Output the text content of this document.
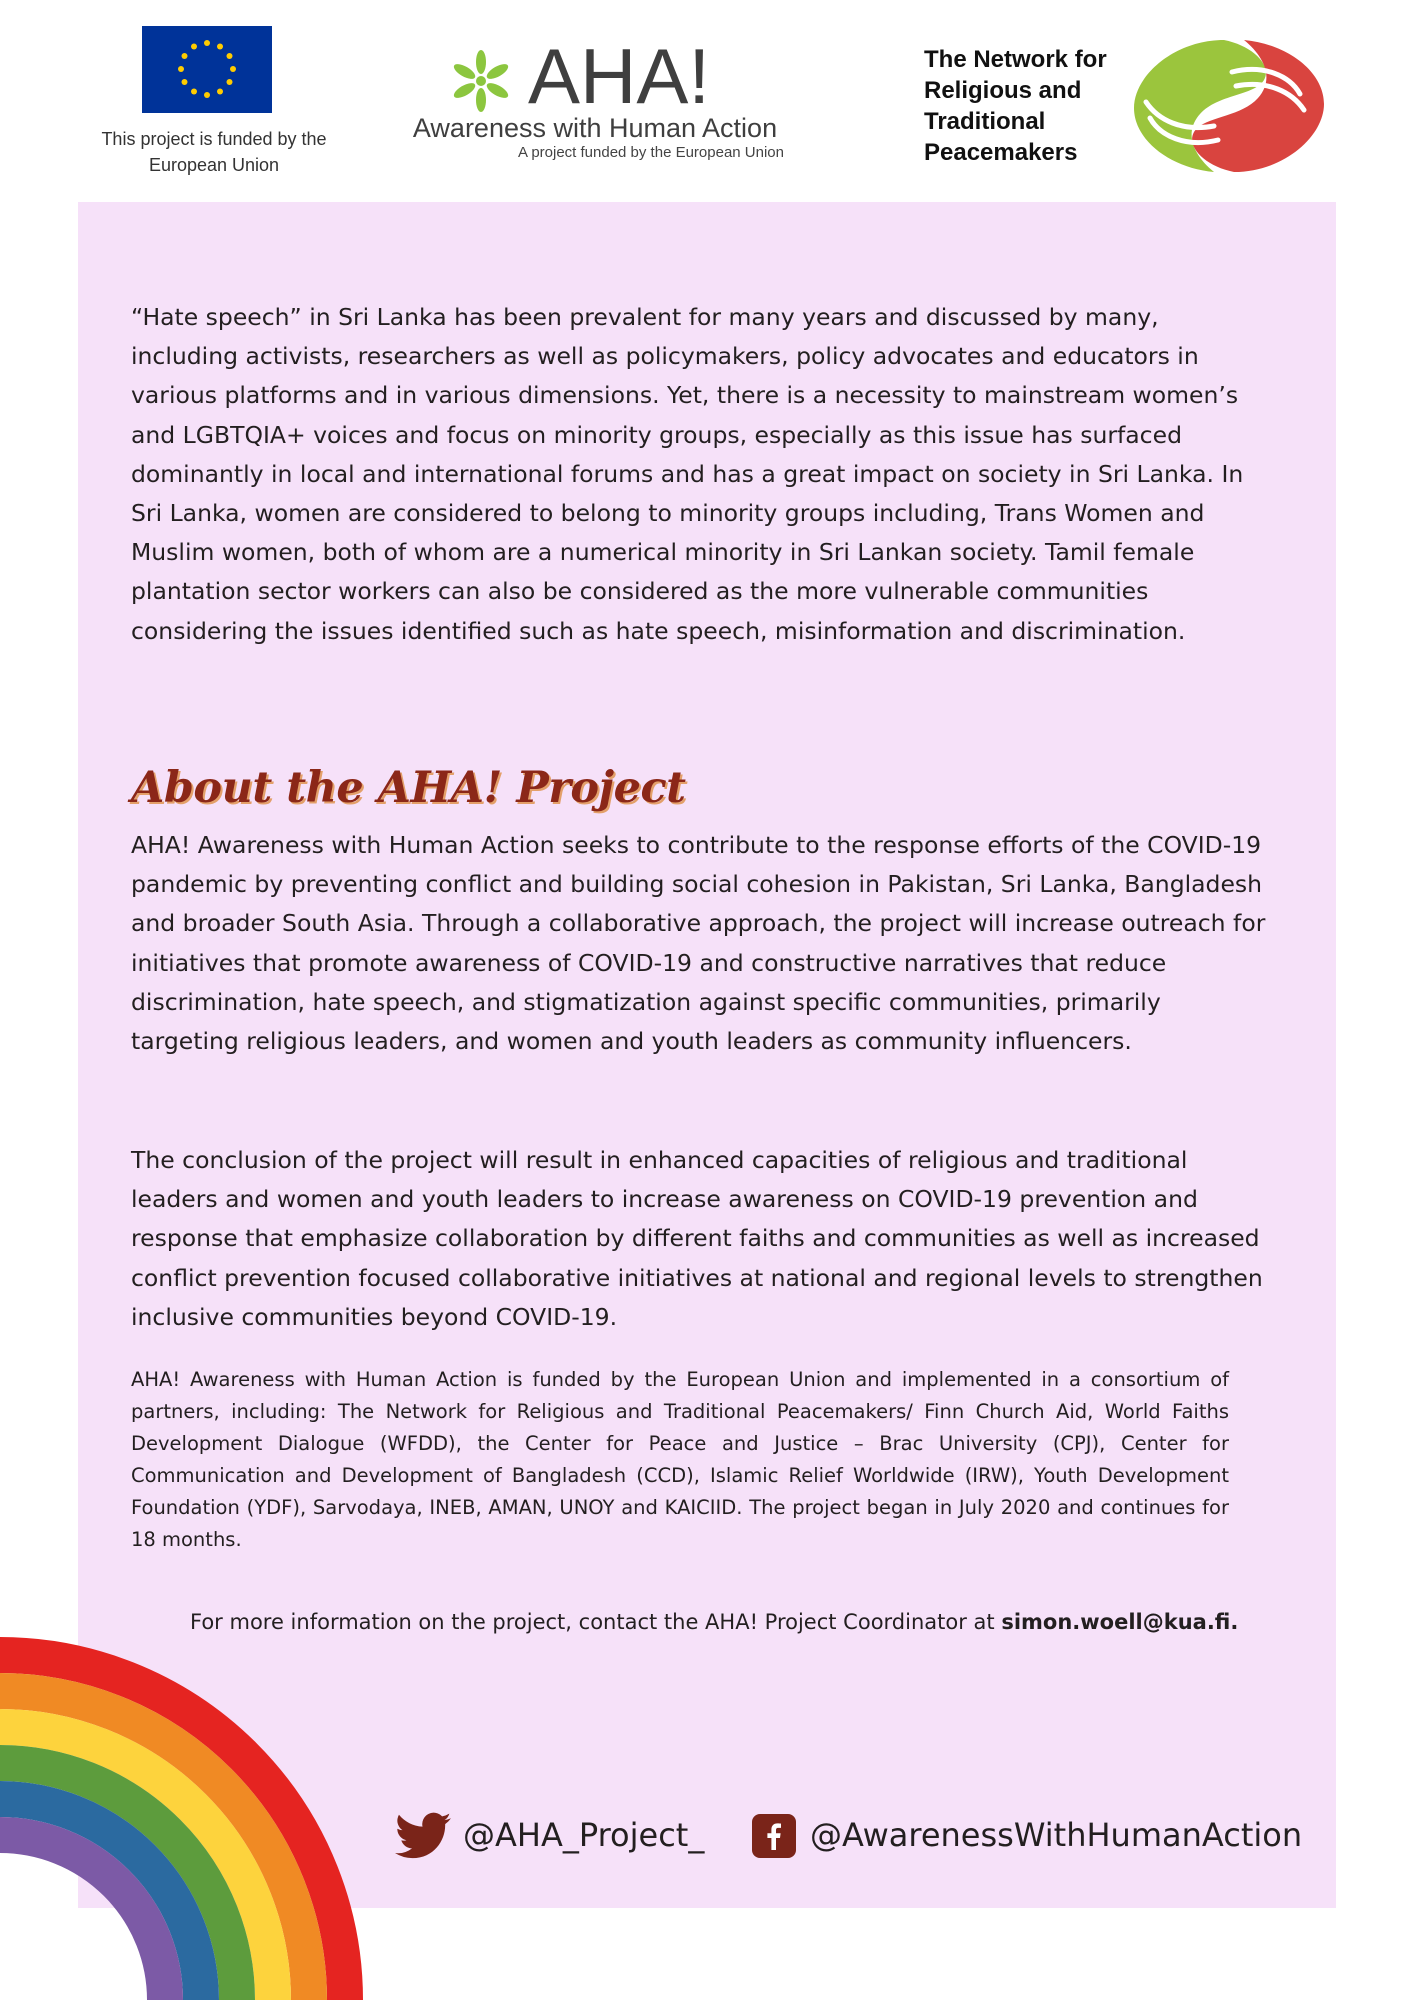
This project is funded by the European Union
AHA!
Awareness with Human Action
A project funded by the European Union
The Network for Religious and Traditional Peacemakers

“Hate speech” in Sri Lanka has been prevalent for many years and discussed by many, including activists, researchers as well as policymakers, policy advocates and educators in various platforms and in various dimensions. Yet, there is a necessity to mainstream women’s and LGBTQIA+ voices and focus on minority groups, especially as this issue has surfaced dominantly in local and international forums and has a great impact on society in Sri Lanka. In Sri Lanka, women are considered to belong to minority groups including, Trans Women and Muslim women, both of whom are a numerical minority in Sri Lankan society. Tamil female plantation sector workers can also be considered as the more vulnerable communities considering the issues identified such as hate speech, misinformation and discrimination.

About the AHA! Project

AHA! Awareness with Human Action seeks to contribute to the response efforts of the COVID-19 pandemic by preventing conflict and building social cohesion in Pakistan, Sri Lanka, Bangladesh and broader South Asia. Through a collaborative approach, the project will increase outreach for initiatives that promote awareness of COVID-19 and constructive narratives that reduce discrimination, hate speech, and stigmatization against specific communities, primarily targeting religious leaders, and women and youth leaders as community influencers.

The conclusion of the project will result in enhanced capacities of religious and traditional leaders and women and youth leaders to increase awareness on COVID-19 prevention and response that emphasize collaboration by different faiths and communities as well as increased conflict prevention focused collaborative initiatives at national and regional levels to strengthen inclusive communities beyond COVID-19.

AHA! Awareness with Human Action is funded by the European Union and implemented in a consortium of partners, including: The Network for Religious and Traditional Peacemakers/ Finn Church Aid, World Faiths Development Dialogue (WFDD), the Center for Peace and Justice – Brac University (CPJ), Center for Communication and Development of Bangladesh (CCD), Islamic Relief Worldwide (IRW), Youth Development Foundation (YDF), Sarvodaya, INEB, AMAN, UNOY and KAICIID. The project began in July 2020 and continues for 18 months.

For more information on the project, contact the AHA! Project Coordinator at simon.woell@kua.fi.

@AHA_Project_	@AwarenessWithHumanAction
